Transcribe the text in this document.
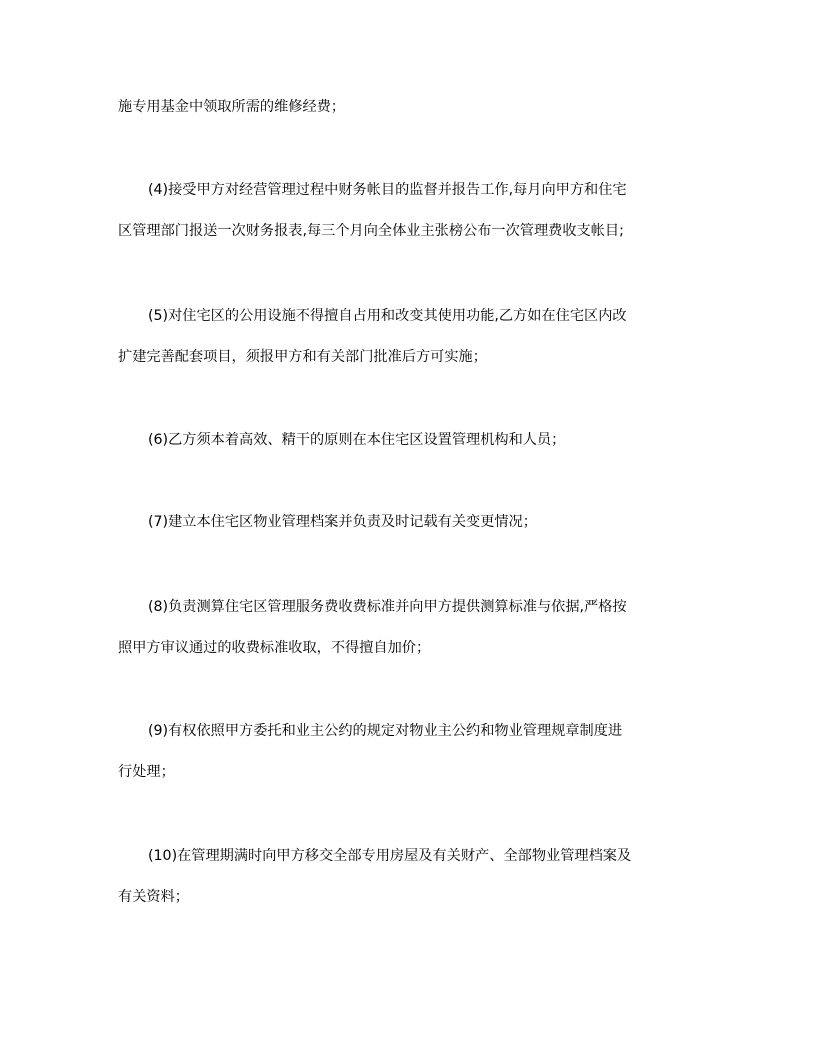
施专用基金中领取所需的维修经费；
(4)接受甲方对经营管理过程中财务帐目的监督并报告工作,每月向甲方和住宅
区管理部门报送一次财务报表,每三个月向全体业主张榜公布一次管理费收支帐目;
(5)对住宅区的公用设施不得擅自占用和改变其使用功能,乙方如在住宅区内改
扩建完善配套项目，须报甲方和有关部门批准后方可实施；
(6)乙方须本着高效、精干的原则在本住宅区设置管理机构和人员；
(7)建立本住宅区物业管理档案并负责及时记载有关变更情况；
(8)负责测算住宅区管理服务费收费标准并向甲方提供测算标准与依据,严格按
照甲方审议通过的收费标准收取，不得擅自加价；
(9)有权依照甲方委托和业主公约的规定对物业主公约和物业管理规章制度进
行处理；
(10)在管理期满时向甲方移交全部专用房屋及有关财产、全部物业管理档案及
有关资料；
